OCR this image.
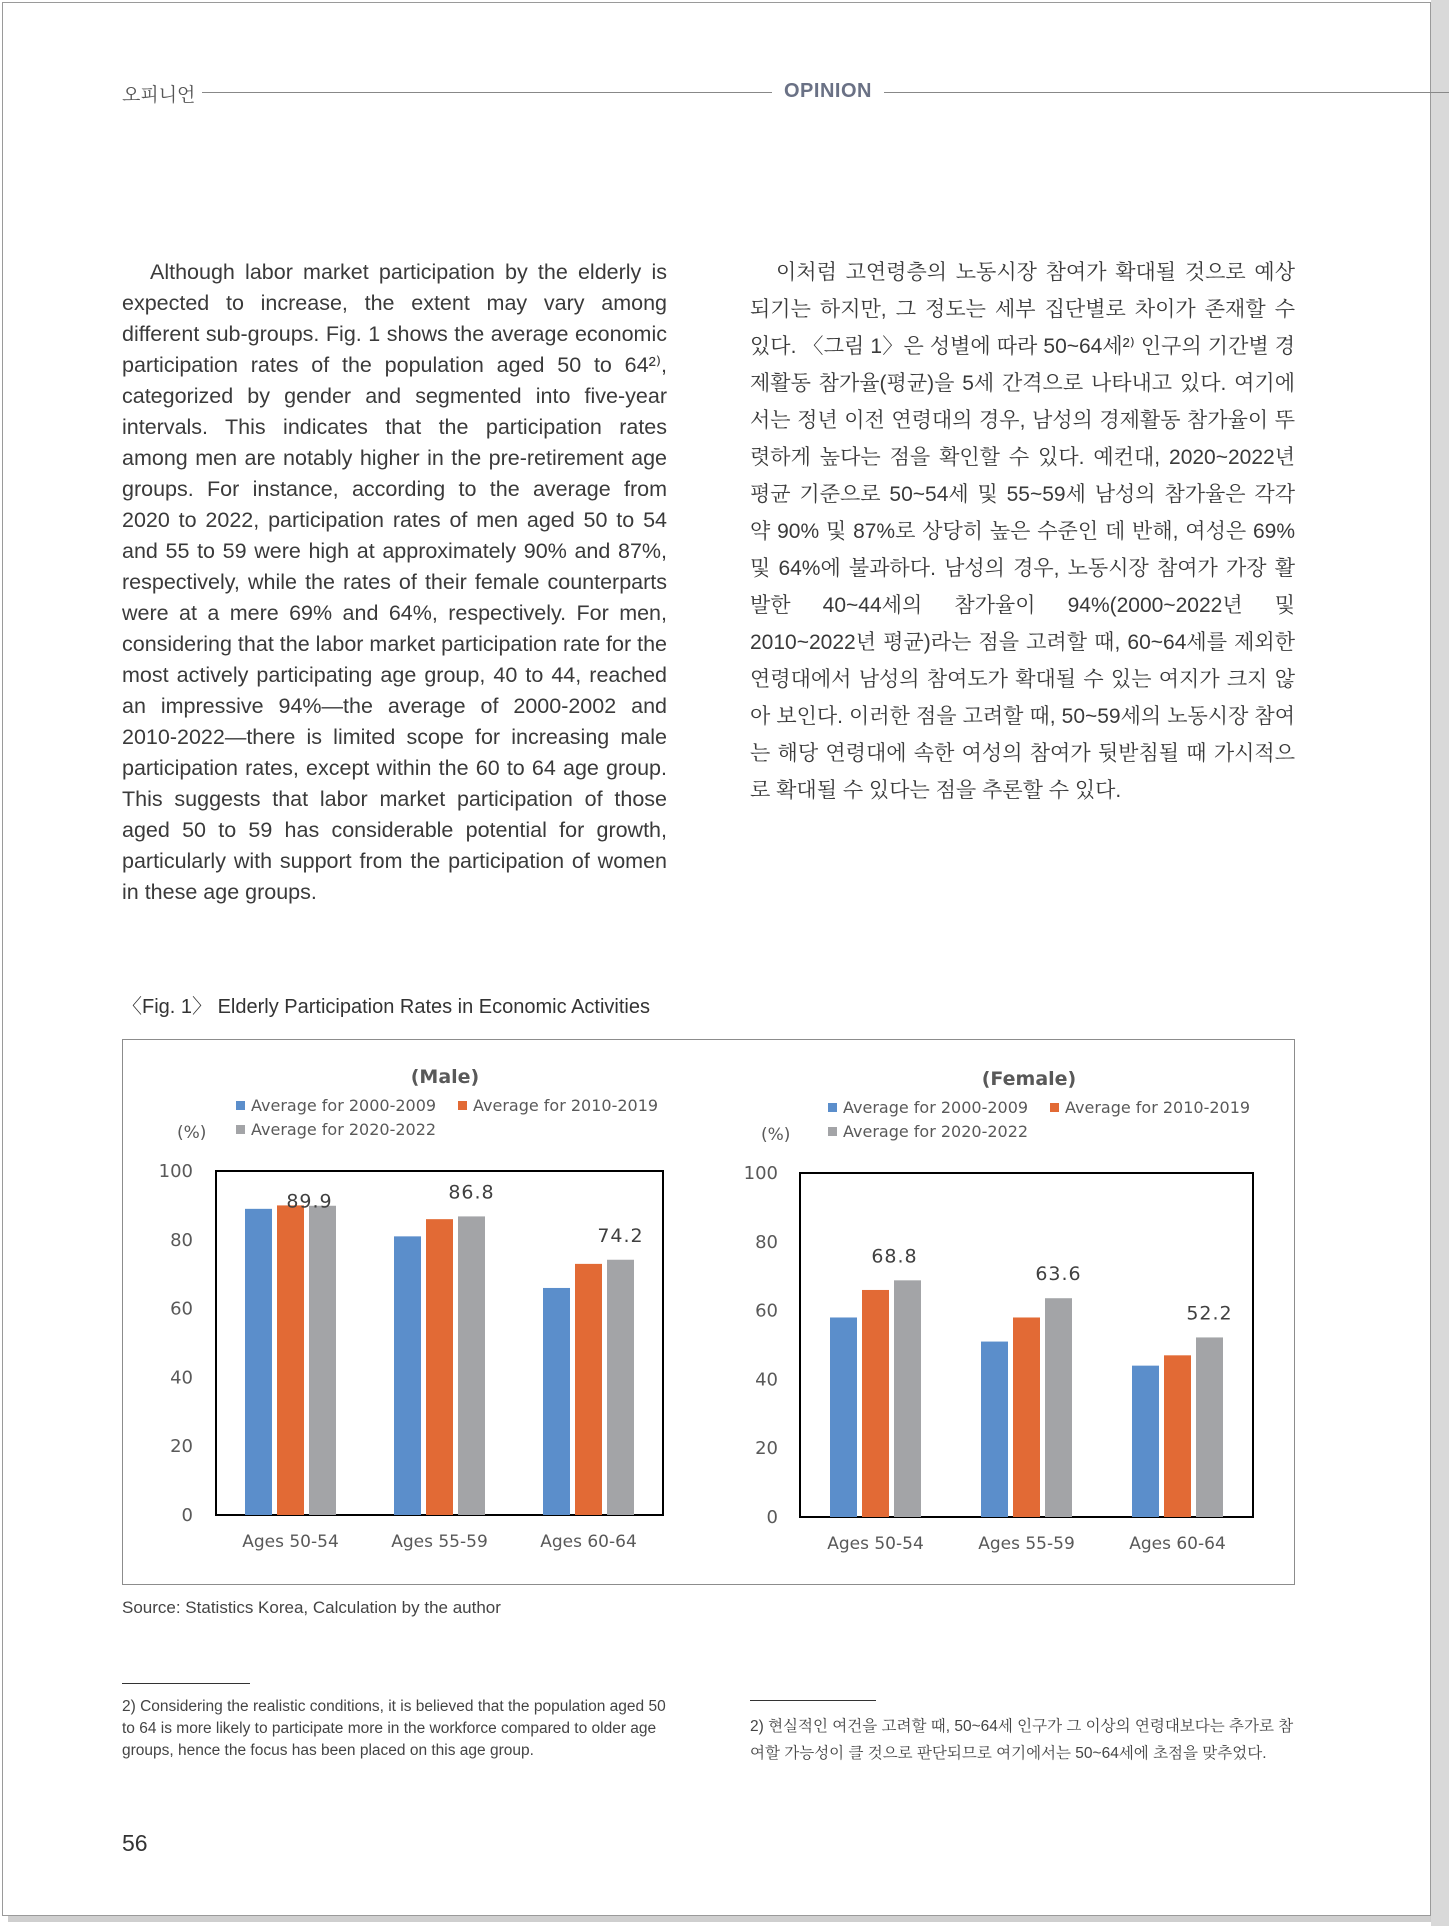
오피니언	OPINION
Although labor market participation by the elderly is expected to increase, the extent may vary among different sub-groups. Fig. 1 shows the average economic participation rates of the population aged 50 to 64²⁾, categorized by gender and segmented into five-year intervals. This indicates that the participation rates among men are notably higher in the pre-retirement age groups. For instance, according to the average from 2020 to 2022, participation rates of men aged 50 to 54 and 55 to 59 were high at approximately 90% and 87%, respectively, while the rates of their female counterparts were at a mere 69% and 64%, respectively. For men, considering that the labor market participation rate for the most actively participating age group, 40 to 44, reached an impressive 94%—the average of 2000-2002 and 2010-2022—there is limited scope for increasing male participation rates, except within the 60 to 64 age group. This suggests that labor market participation of those aged 50 to 59 has considerable potential for growth, particularly with support from the participation of women in these age groups.
이처럼 고연령층의 노동시장 참여가 확대될 것으로 예상되기는 하지만, 그 정도는 세부 집단별로 차이가 존재할 수 있다. 〈그림 1〉은 성별에 따라 50~64세²⁾ 인구의 기간별 경제활동 참가율(평균)을 5세 간격으로 나타내고 있다. 여기에서는 정년 이전 연령대의 경우, 남성의 경제활동 참가율이 뚜렷하게 높다는 점을 확인할 수 있다. 예컨대, 2020~2022년 평균 기준으로 50~54세 및 55~59세 남성의 참가율은 각각 약 90% 및 87%로 상당히 높은 수준인 데 반해, 여성은 69% 및 64%에 불과하다. 남성의 경우, 노동시장 참여가 가장 활발한 40~44세의 참가율이 94%(2000~2022년 및 2010~2022년 평균)라는 점을 고려할 때, 60~64세를 제외한 연령대에서 남성의 참여도가 확대될 수 있는 여지가 크지 않아 보인다. 이러한 점을 고려할 때, 50~59세의 노동시장 참여는 해당 연령대에 속한 여성의 참여가 뒷받침될 때 가시적으로 확대될 수 있다는 점을 추론할 수 있다.
〈Fig. 1〉 Elderly Participation Rates in Economic Activities
(Male)
(%)
Average for 2000-2009 Average for 2010-2019
Average for 2020-2022
0
20
40
60
80
100
Ages 50-54
89.9
Ages 55-59
86.8
Ages 60-64
74.2
(Female)
(%)
Average for 2000-2009 Average for 2010-2019
Average for 2020-2022
0
20
40
60
80
100
Ages 50-54
68.8
Ages 55-59
63.6
Ages 60-64
52.2
Source: Statistics Korea, Calculation by the author
2) Considering the realistic conditions, it is believed that the population aged 50 to 64 is more likely to participate more in the workforce compared to older age groups, hence the focus has been placed on this age group.
2) 현실적인 여건을 고려할 때, 50~64세 인구가 그 이상의 연령대보다는 추가로 참여할 가능성이 클 것으로 판단되므로 여기에서는 50~64세에 초점을 맞추었다.
56
